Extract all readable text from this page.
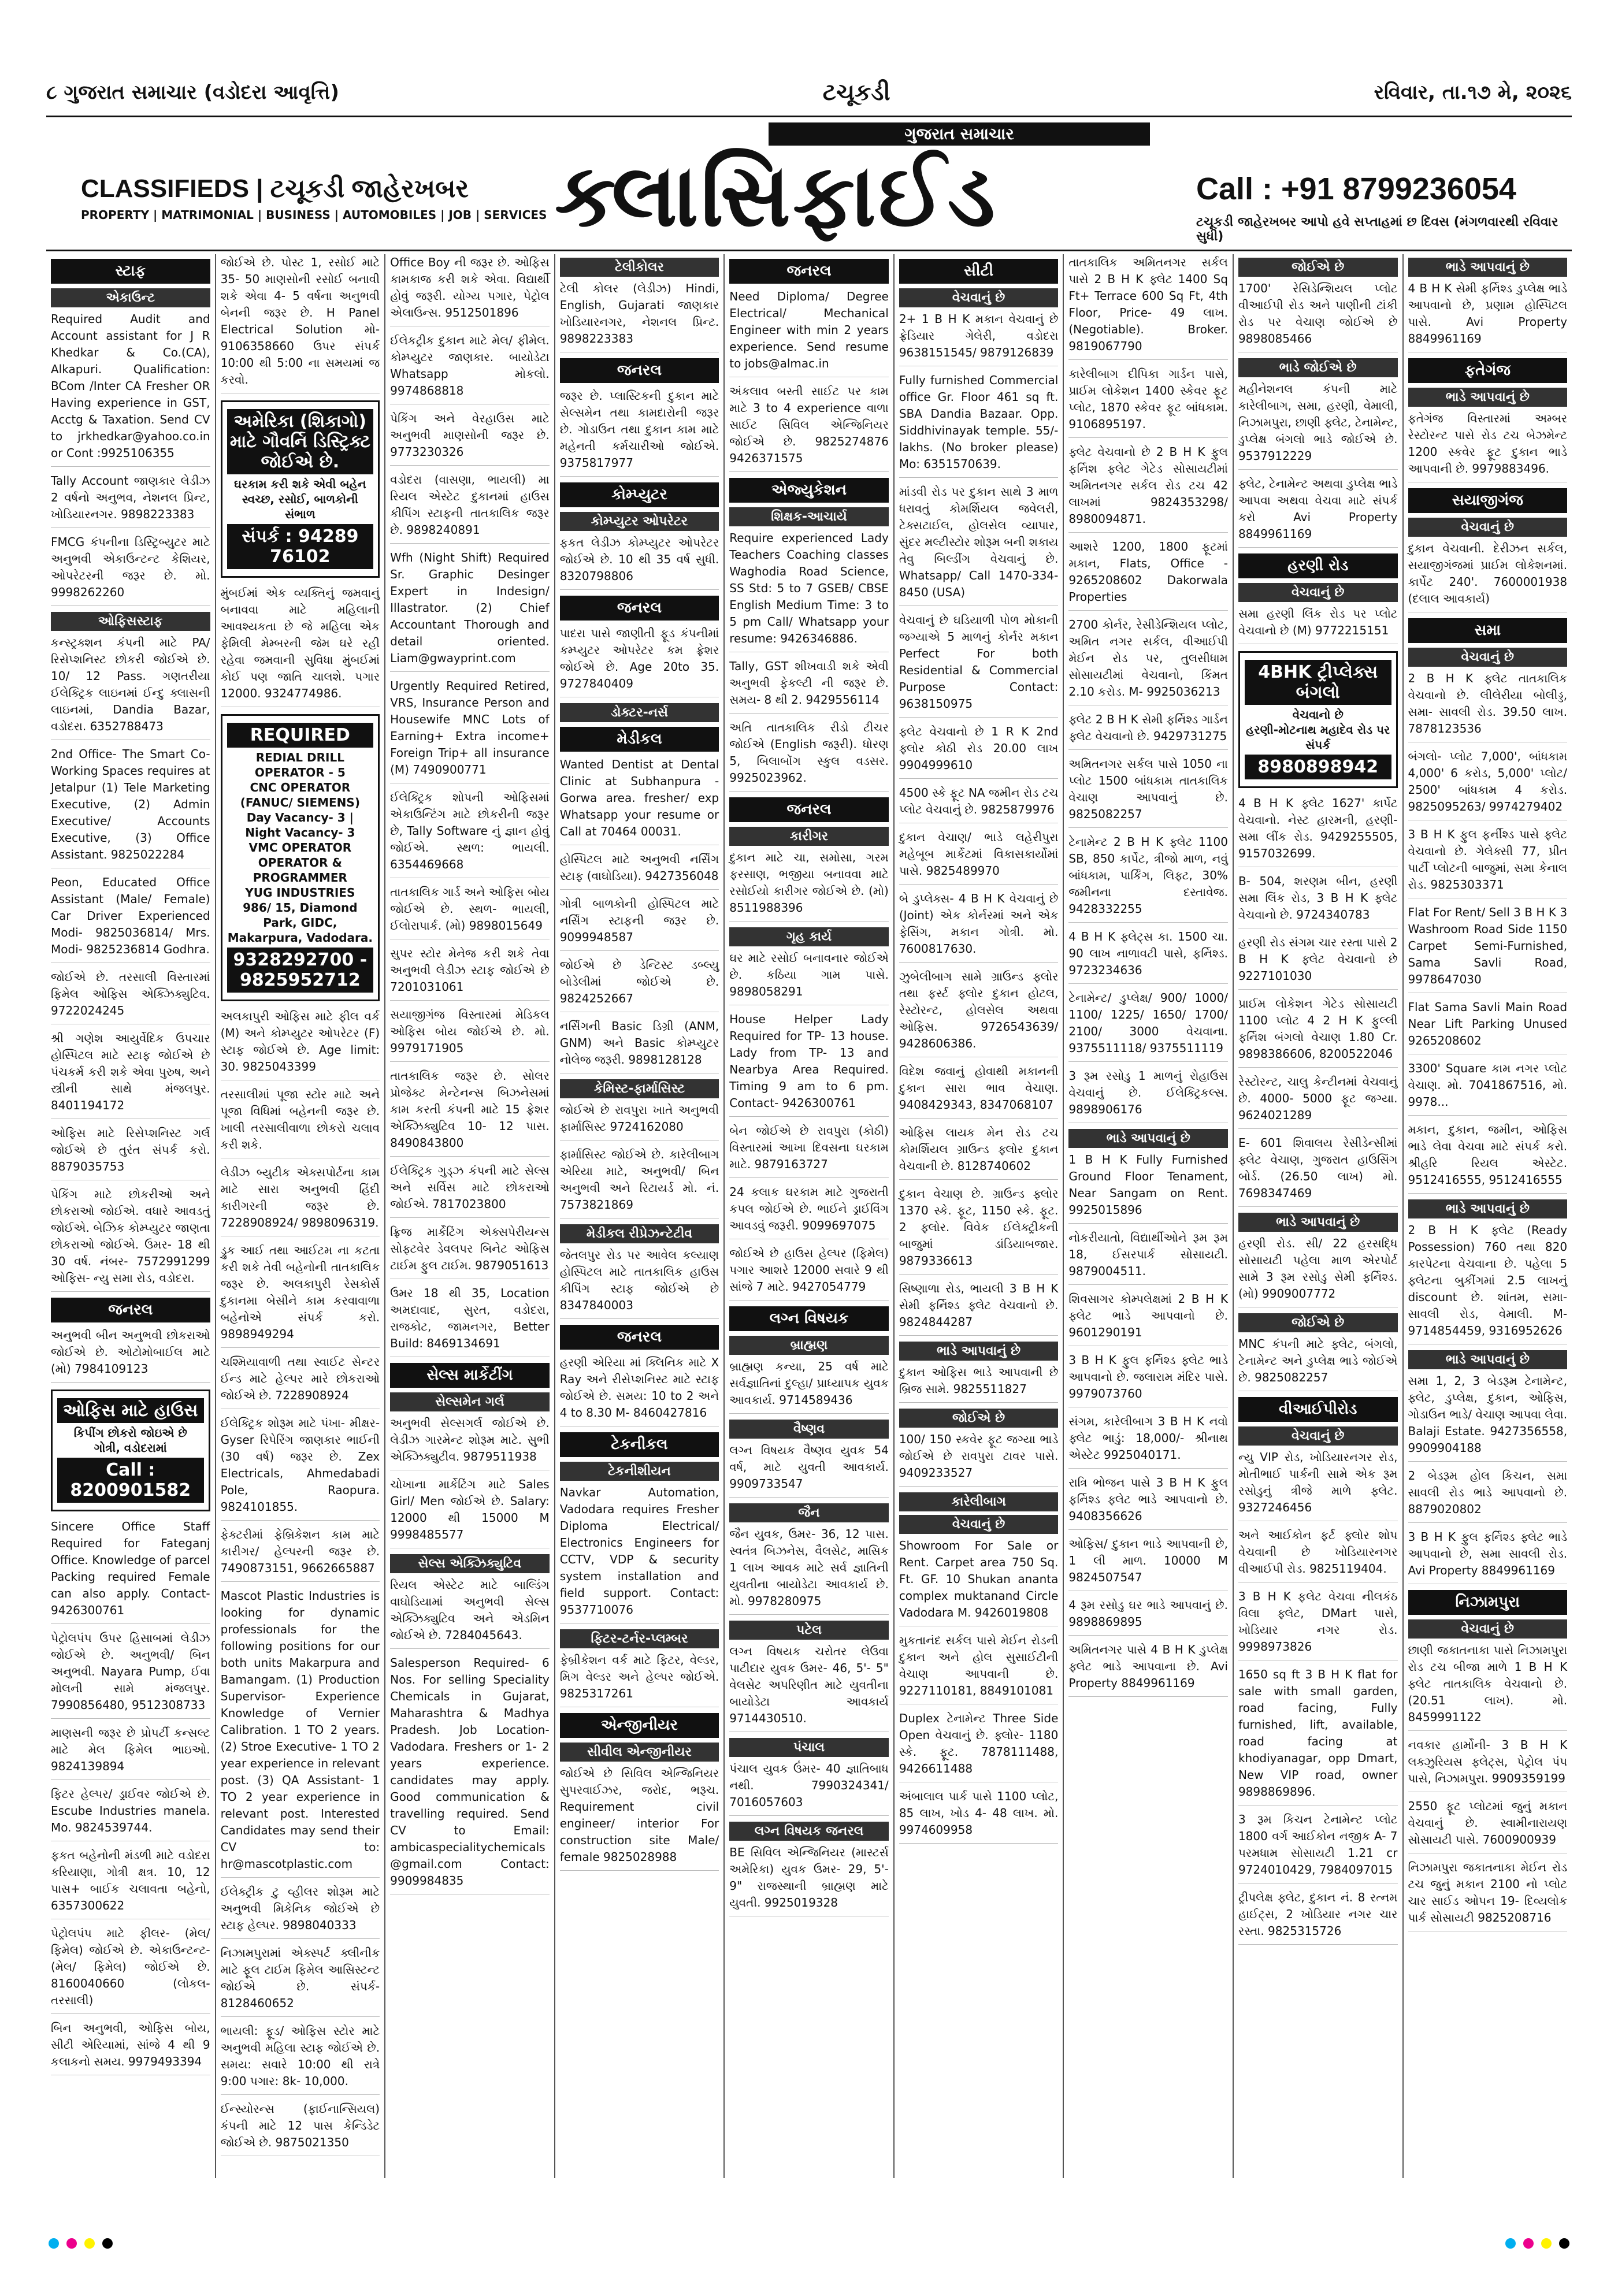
૮ ગુજરાત સમાચાર (વડોદરા આવૃત્તિ)	ટચૂકડી	રવિવાર, તા.૧૭ મે, ૨૦૨૬
ગુજરાત સમાચાર
CLASSIFIEDS | ટચૂકડી જાહેરખબર
PROPERTY | MATRIMONIAL | BUSINESS | AUTOMOBILES | JOB | SERVICES ક્લાસિફાઈડ	Call : +91 8799236054
ટચૂકડી જાહેરખબર આપો હવે સપ્તાહમાં છ દિવસ (મંગળવારથી રવિવાર સુધી)
સ્ટાફ
એકાઉન્ટ

Required Audit and Account assistant for J R Khedkar & Co.(CA), Alkapuri. Qualification: BCom /Inter CA Fresher OR Having experience in GST, Acctg & Taxation. Send CV to jrkhedkar@yahoo.co.in or Cont :9925106355

Tally Account જાણકાર લેડીઝ 2 વર્ષનો અનુભવ, નેશનલ પ્રિન્ટ, ખોડિયારનગર. 9898223383

FMCG કંપનીના ડિસ્ટ્રિબ્યુટર માટે અનુભવી એકાઉન્ટન્ટ કેશિયર, ઓપરેટરની જરૂર છે. મો. 9998262260

ઓફિસસ્ટાફ

કન્સ્ટ્રક્શન કંપની માટે PA/ રિસેપ્શનિસ્ટ છોકરી જોઈએ છે. 10/ 12 Pass. ગણતરીયા ઈલેક્ટ્રિક લાઇનમાં ઈન્દુ ક્લાસની લાઇનમાં, Dandia Bazar, વડોદરા. 6352788473

2nd Office- The Smart Co-Working Spaces requires at Jetalpur (1) Tele Marketing Executive, (2) Admin Executive/ Accounts Executive, (3) Office Assistant. 9825022284

Peon, Educated Office Assistant (Male/ Female) Car Driver Experienced Modi- 9825036814/ Mrs. Modi- 9825236814 Godhra.

જોઈએ છે. તરસાલી વિસ્તારમાં ફિમેલ ઓફિસ એક્ઝિક્યુટિવ. 9722024245

શ્રી ગણેશ આયુર્વેદિક ઉપચાર હોસ્પિટલ માટે સ્ટાફ જોઈએ છે પંચકર્મ કરી શકે એવા પુરુષ, અને સ્ત્રીની સાથે મંજલપુર. 8401194172

ઓફિસ માટે રિસેપ્શનિસ્ટ ગર્લ જોઈએ છે તુરંત સંપર્ક કરો. 8879035753

પેકિંગ માટે છોકરીઓ અને છોકરાઓ જોઈએ. વધારે આવડતું જોઈએ. બેઝિક કોમ્પ્યુટર જાણતા છોકરાઓ જોઈએ. ઉમર- 18 થી 30 વર્ષ. નંબર- 7572991299 ઓફિસ- ન્યુ સમા રોડ, વડોદરા.

જનરલ

અનુભવી બીન અનુભવી છોકરાઓ જોઈએ છે. ઓટોમોબાઈલ માટે (મો) 7984109123

ઓફિસ માટે હાઉસ
કિપીંગ છોકરો જોઇએ છે
ગોત્રી, વડોદરામાં
Call : 8200901582

Sincere Office Staff Required for Fateganj Office. Knowledge of parcel Packing required Female can also apply. Contact- 9426300761

પેટ્રોલપંપ ઉપર હિસાબમાં લેડીઝ જોઈએ છે. અનુભવી/ બિન અનુભવી. Nayara Pump, ઈવા મોલની સામે મંજલપુર. 7990856480, 9512308733

માણસની જરૂર છે પ્રોપર્ટી કન્સલ્ટ માટે મેલ ફિમેલ ભાઇઓ. 9824139894

ફિટર હેલ્પર/ ડ્રાઈવર જોઈએ છે. Escube Industries manela. Mo. 9824539744.

ફકત બહેનોની મંડળી માટે વડોદરા કરિયાણા, ગોત્રી ક્ષત્ર. 10, 12 પાસ+ બાઈક ચલાવતા બહેનો, 6357300622

પેટ્રોલપંપ માટે ફીલર- (મેલ/ ફિમેલ) જોઈએ છે. એકાઉન્ટન્ટ- (મેલ/ ફિમેલ) જોઈએ છે. 8160040660 (લોકલ- તરસાલી)

બિન અનુભવી, ઓફિસ બોય, સીટી એરિયામાં, સાંજે 4 થી 9 કલાકનો સમય. 9979493394

જોઈએ છે. પોસ્ટ 1, રસોઈ માટે 35- 50 માણસોની રસોઈ બનાવી શકે એવા 4- 5 વર્ષના અનુભવી બેનની જરૂર છે. H Panel Electrical Solution મો- 9106358660 ઉપર સંપર્ક 10:00 થી 5:00 ના સમયમાં જ કરવો.

અમેરિકા (શિકાગો) માટે ગૌવર્નિ ડિસ્ટ્રિક્ટ જોઈએ છે.
ઘરકામ કરી શકે એવી બહેન
સ્વચ્છ, રસોઈ, બાળકોની સંભાળ
સંપર્ક : 94289 76102

મુંબઈમાં એક વ્યક્તિનું જમવાનું બનાવવા માટે મહિલાની આવશ્યકતા છે જે મહિલા એક ફેમિલી મેમ્બરની જેમ ઘરે રહી રહેવા જમવાની સુવિધા મુંબઈમાં કોઈ પણ જાતિ ચાલશે. પગાર 12000. 9324774986.

REQUIRED
REDIAL DRILL OPERATOR - 5
CNC OPERATOR (FANUC/ SIEMENS)
Day Vacancy- 3 | Night Vacancy- 3
VMC OPERATOR
OPERATOR & PROGRAMMER
YUG INDUSTRIES
986/ 15, Diamond Park, GIDC, Makarpura, Vadodara.
9328292700 - 9825952712

અલકાપુરી ઓફિસ માટે ફીલ વર્ક (M) અને કોમ્પ્યુટર ઓપરેટર (F) સ્ટાફ જોઈએ છે. Age limit: 30. 9825043399

તરસાલીમાં પૂજા સ્ટોર માટે અને પૂજા વિધિમાં બહેનની જરૂર છે. ખાલી તરસાલીવાળા છોકરો ચલાવ કરી શકે.

લેડીઝ બ્યુટીક એક્સપોર્ટના કામ માટે સારા અનુભવી હિંદી કારીગરની જરૂર છે. 7228908924/ 9898096319.

ડ્રુક આઈ તથા આઈટમ ના કટતા કરી શકે તેવી બહેનોની તાતકાલિક જરૂર છે. અલકાપુરી રેસકોર્સ દુકાનમા બેસીને કામ કરવાવાળા બહેનોએ સંપર્ક કરો. 9898949294

ચશ્મિયાવાળી તથા સ્વાઈટ સેન્ટર ઈન્ડ માટે હેલ્પર મારે છોકરાઓ જોઈએ છે. 7228908924

ઈલેક્ટ્રિક શોરૂમ માટે પંખા- મીક્ષર- Gyser રિપેરિંગ જાણકાર ભાઈની (30 વર્ષ) જરૂર છે. Zex Electricals, Ahmedabadi Pole, Raopura. 9824101855.

ફેક્ટરીમાં ફેબ્રિકેશન કામ માટે કારીગર/ હેલ્પરની જરૂર છે. 7490873151, 9662665887

Mascot Plastic Industries is looking for dynamic professionals for the following positions for our both units Makarpura and Bamangam. (1) Production Supervisor- Experience Knowledge of Vernier Calibration. 1 TO 2 years. (2) Stroe Executive- 1 TO 2 year experience in relevant post. (3) QA Assistant- 1 TO 2 year experience in relevant post. Interested Candidates may send their CV to: hr@mascotplastic.com

ઈલેક્ટ્રીક ટુ વ્હીલર શોરૂમ માટે અનુભવી મિકેનિક જોઈએ છે સ્ટાફ હેલ્પર. 9898040333

નિઝામપુરામાં એક્સ્પર્ટ ક્લીનીક માટે ફૂલ ટાઈમ ફિમેલ આસિસ્ટન્ટ જોઈએ છે. સંપર્ક- 8128460652

ભાયલી: ફૂડ/ ઓફિસ સ્ટોર માટે અનુભવી મહિલા સ્ટાફ જોઈએ છે. સમય: સવારે 10:00 થી રાત્રે 9:00 પગાર: 8k- 10,000.

ઈન્સ્યોરન્સ (ફાઈનાન્સિયલ) કંપની માટે 12 પાસ કેન્ડિડેટ જોઈએ છે. 9875021350

Office Boy ની જરૂર છે. ઓફિસ કામકાજ કરી શકે એવા. વિદ્યાર્થી હોવું જરૂરી. યોગ્ય પગાર, પેટ્રોલ એલાઉન્સ. 9512501896

ઈલેકટ્રીક દુકાન માટે મેલ/ ફીમેલ. કોમ્પ્યુટર જાણકાર. બાયોડેટા Whatsapp મોકલો. 9974868818

પેકિંગ અને વેરહાઉસ માટે અનુભવી માણસોની જરૂર છે. 9773230326

વડોદરા (વાસણા, ભાયલી) મા રિયલ એસ્ટેટ દુકાનમાં હાઉસ કીપિંગ સ્ટાફની તાતકાલિક જરૂર છે. 9898240891

Wfh (Night Shift) Required Sr. Graphic Desinger Expert in Indesign/ Illastrator. (2) Chief Accountant Thorough and detail oriented. Liam@gwayprint.com

Urgently Required Retired, VRS, Insurance Person and Housewife MNC Lots of Earning+ Extra income+ Foreign Trip+ all insurance (M) 7490900771

ઈલેક્ટ્રિક શોપની ઓફિસમાં એકાઉન્ટિંગ માટે છોકરીની જરૂર છે, Tally Software નું જ્ઞાન હોવું જોઈએ. સ્થળ: ભાયલી. 6354469668

તાતકાલિક ગાર્ડ અને ઓફિસ બોય જોઈએ છે. સ્થળ- ભાયલી, ઈલોરાપાર્ક. (મો) 9898015649

સુપર સ્ટોર મેનેજ કરી શકે તેવા અનુભવી લેડીઝ સ્ટાફ જોઈએ છે 7201031061

સયાજીગંજ વિસ્તારમાં મેડિકલ ઓફિસ બોય જોઈએ છે. મો. 9979171905

તાતકાલિક જરૂર છે. સોલર પ્રોજેક્ટ મેન્ટેનન્સ બિઝનેસમાં કામ કરતી કંપની માટે 15 ફ્રેશર એક્ઝિક્યુટિવ 10- 12 પાસ. 8490843800

ઈલેક્ટ્રિક ગુડ્ઝ કંપની માટે સેલ્સ અને સર્વિસ માટે છોકરાઓ જોઈએ. 7817023800

ફ્રિજ માર્કેટિંગ એક્સપેરીયન્સ સોફ્ટવેર ડેવલપર બિનેટ ઓફિસ ટાઈમ ફુલ ટાઈમ. 9879051613

ઉમર 18 થી 35, Location અમદાવાદ, સુરત, વડોદરા, રાજકોટ, જામનગર, Better Build: 8469134691

સેલ્સ માર્કેટીંગ
સેલ્સમેન ગર્લ

અનુભવી સેલ્સગર્લ જોઈએ છે. લેડીઝ ગારમેન્ટ શોરૂમ માટે. સુભી એક્ઝિક્યુટીવ. 9879511938

ચોખાના માર્કેટિંગ માટે Sales Girl/ Men જોઈએ છે. Salary: 12000 થી 15000 M 9998485577

સેલ્સ એક્ઝિક્યુટિવ

રિયલ એસ્ટેટ માટે બાલ્ડિંગ વાઘોડિયામાં અનુભવી સેલ્સ એક્ઝિક્યુટિવ અને એડમિન જોઈએ છે. 7284045643.

Salesperson Required- 6 Nos. For selling Speciality Chemicals in Gujarat, Maharashtra & Madhya Pradesh. Job Location- Vadodara. Freshers or 1- 2 years experience. candidates may apply. Good communication & travelling required. Send CV to Email: ambicaspecialitychemicals @gmail.com Contact: 9909984835

ટેલીકોલર

ટેલી કોલર (લેડીઝ) Hindi, English, Gujarati જાણકાર ખોડિયારનગર, નેશનલ પ્રિન્ટ. 9898223383

જનરલ

જરૂર છે. પ્લાસ્ટિકની દુકાન માટે સેલ્સમેન તથા કામદારોની જરૂર છે. ગોડાઉન તથા દુકાન કામ માટે મહેનતી કર્મચારીઓ જોઈએ. 9375817977

કોમ્પ્યુટર
કોમ્પ્યુટર ઓપરેટર

ફકત લેડીઝ કોમ્પ્યુટર ઓપરેટર જોઈએ છે. 10 થી 35 વર્ષ સુધી. 8320798806

જનરલ

પાદરા પાસે જાણીતી ફૂડ કંપનીમાં કમ્પ્યુટર ઓપરેટર કમ ફ્રેશર જોઈએ છે. Age 20to 35. 9727840409

ડોક્ટર-નર્સ
મેડીકલ

Wanted Dentist at Dental Clinic at Subhanpura - Gorwa area. fresher/ exp Whatsapp your resume or Call at 70464 00031.

હોસ્પિટલ માટે અનુભવી નર્સિંગ સ્ટાફ (વાઘોડિયા). 9427356048

ગોત્રી બાળકોની હોસ્પિટલ માટે નર્સિંગ સ્ટાફની જરૂર છે. 9099948587

જોઈએ છે ડેન્ટિસ્ટ ડબ્લ્યુ બોડેલીમાં જોઈએ છે. 9824252667

નર્સિંગની Basic ડિગ્રી (ANM, GNM) અને Basic કોમ્પ્યુટર નોલેજ જરૂરી. 9898128128

કેમિસ્ટ-ફાર્માસિસ્ટ

જોઈએ છે રાવપુરા ખાતે અનુભવી ફાર્માસિસ્ટ 9724162080

ફાર્માસિસ્ટ જોઈએ છે. કારેલીબાગ એરિયા માટે, અનુભવી/ બિન અનુભવી અને રિટાયર્ડ મો. નં. 7573821869

મેડીકલ રીપ્રેઝન્ટેટીવ

જેતલપુર રોડ પર આવેલ કલ્યાણ હોસ્પિટલ માટે તાતકાલિક હાઉસ કીપિંગ સ્ટાફ જોઈએ છે 8347840003

જનરલ

હરણી એરિયા માં ક્લિનિક માટે X Ray અને રીસેપ્શનિસ્ટ માટે સ્ટાફ જોઈએ છે. સમય: 10 to 2 અને 4 to 8.30 M- 8460427816

ટેકનીકલ
ટેકનીશીયન

Navkar Automation, Vadodara requires Fresher Diploma Electrical/ Electronics Engineers for CCTV, VDP & security system installation and field support. Contact: 9537710076

ફિટર-ટર્નર-પ્લમ્બર

ફેબ્રીકેશન વર્ક માટે ફિટર, વેલ્ડર, મિગ વેલ્ડર અને હેલ્પર જોઈએ. 9825317261

એન્જીનીયર
સીવીલ એન્જીનીયર

જોઈએ છે સિવિલ એન્જિનિયર સુપરવાઈઝર, જરોદ, ભરૂચ. Requirement civil engineer/ interior For construction site Male/ female 9825028988

જનરલ

Need Diploma/ Degree Electrical/ Mechanical Engineer with min 2 years experience. Send resume to jobs@almac.in

અંકલાવ બસ્તી સાઈટ પર કામ માટે 3 to 4 experience વાળા સાઈટ સિવિલ એન્જિનિયર જોઈએ છે. 9825274876 9426371575

એજ્યુકેશન
શિક્ષક-આચાર્ય

Require experienced Lady Teachers Coaching classes Waghodia Road Science, SS Std: 5 to 7 GSEB/ CBSE English Medium Time: 3 to 5 pm Call/ Whatsapp your resume: 9426346886.

Tally, GST શીખવાડી શકે એવી અનુભવી ફેકલ્ટી ની જરૂર છે. સમય- 8 થી 2. 9429556114

અતિ તાતકાલિક રીડો ટીચર જોઈએ (English જરૂરી). ધોરણ 5, બિલાબોંગ સ્કુલ વડસર. 9925023962.

જનરલ
કારીગર

દુકાન માટે ચા, સમોસા, ગરમ ફરસાણ, ભજીયા બનાવવા માટે રસોઈયો કારીગર જોઈએ છે. (મો) 8511988396

ગૃહ કાર્ય

ઘર માટે રસોઈ બનાવનાર જોઈએ છે. કઠિયા ગામ પાસે. 9898058291

House Helper Lady Required for TP- 13 house. Lady from TP- 13 and Nearbya Area Required. Timing 9 am to 6 pm. Contact- 9426300761

બેન જોઈએ છે રાવપુરા (કોઠી) વિસ્તારમાં આખા દિવસના ઘરકામ માટે. 9879163727

24 કલાક ઘરકામ માટે ગુજરાતી કપલ જોઈએ છે. ભાઈને ડ્રાઈવિંગ આવડવું જરૂરી. 9099697075

જોઈએ છે હાઉસ હેલ્પર (ફિમેલ) પગાર આશરે 12000 સવારે 9 થી સાંજે 7 માટે. 9427054779

લગ્ન વિષયક
બ્રાહ્મણ

બ્રાહ્મણ કન્યા, 25 વર્ષ માટે સર્વજ્ઞાતિનાં દુલ્હા/ પ્રાધ્યાપક યુવક આવકાર્ય. 9714589436

વૈષ્ણવ

લગ્ન વિષયક વૈષ્ણવ યુવક 54 વર્ષ, માટે યુવતી આવકાર્ય. 9909733547

જૈન

જૈન યુવક, ઉમર- 36, 12 પાસ. સ્વતંત્ર બિઝનેસ, વૈલસેટ, માસિક 1 લાખ આવક માટે સર્વ જ્ઞાતિની યુવતીના બાયોડેટા આવકાર્ય છે. મો. 9978280975

પટેલ

લગ્ન વિષયક ચરોતર લેઉવા પાટીદાર યુવક ઉમર- 46, 5'- 5" વેલસેટ અપરિણીત માટે યુવતીના બાયોડેટા આવકાર્ય 9714430510.

પંચાલ

પંચાલ યુવક ઉંમર- 40 જ્ઞાતિબાધ નથી. 7990324341/ 7016057603

લગ્ન વિષયક જનરલ

BE સિવિલ એન્જિનિયર (માસ્ટર્સ અમેરિકા) યુવક ઉમર- 29, 5'- 9" રાજસ્થાની બ્રાહ્મણ માટે યુવતી. 9925019328

સીટી
વેચવાનું છે

2+ 1 B H K મકાન વેચવાનું છે ફ્રેડિયાર ગેલેરી, વડોદરા 9638151545/ 9879126839

Fully furnished Commercial office Gr. Floor 461 sq ft. SBA Dandia Bazaar. Opp. Siddhivinayak temple. 55/- lakhs. (No broker please) Mo: 6351570639.

માંડવી રોડ પર દુકાન સાથે 3 માળ ધરાવતું કોમર્શિયલ જવેલરી, ટેક્સટાઈલ, હોલસેલ વ્યાપાર, સુંદર મલ્ટીસ્ટોર શોરૂમ બની શકાય તેવુ બિલ્ડીંગ વેચવાનું છે. Whatsapp/ Call 1470-334-8450 (USA)

વેચવાનું છે ઘડિયાળી પોળ મોકાની જગ્યાએ 5 માળનું કોર્નર મકાન Perfect For both Residential & Commercial Purpose Contact: 9638150975

ફ્લેટ વેચવાનો છે 1 R K 2nd ફ્લોર કોઠી રોડ 20.00 લાખ 9904999610

4500 સ્કે ફૂટ NA જમીન રોડ ટચ પ્લોટ વેચવાનું છે. 9825879976

દુકાન વેચાણ/ ભાડે લહેરીપુરા મહેબૂબ માર્કેટમાં વિકાસકાર્યોમાં પાસે. 9825489970

બે ડુપ્લેક્સ- 4 B H K વેચવાનું છે (Joint) એક કોર્નરમાં અને એક ફેસિંગ, મકાન ગોત્રી. મો. 7600817630.

ઝુબેલીબાગ સામે ગ્રાઉન્ડ ફ્લોર તથા ફર્સ્ટ ફ્લોર દુકાન હોટલ, રેસ્ટોરન્ટ, હોલસેલ અથવા ઓફિસ. 9726543639/ 9428606386.

વિદેશ જવાનું હોવાથી મકાનની દુકાન સારા ભાવ વેચાણ. 9408429343, 8347068107

ઓફિસ લાયક મેન રોડ ટચ કોમર્શિયલ ગ્રાઉન્ડ ફ્લોર દુકાન વેચવાની છે. 8128740602

દુકાન વેચાણ છે. ગ્રાઉન્ડ ફ્લોર 1370 સ્કે. ફૂટ, 1150 સ્કે. ફૂટ. 2 ફ્લોર. વિવેક ઈલેક્ટ્રીકની બાજુમાં ડાંડિયાબજાર. 9879336613

સિષ્ણાળા રોડ, ભાયલી 3 B H K સેમી ફર્નિશ્ડ ફ્લેટ વેચવાનો છે. 9824844287

ભાડે આપવાનું છે

દુકાન ઓફિસ ભાડે આપવાની છે બ્રિજ સામે. 9825511827

જોઈએ છે

100/ 150 સ્કવેર ફૂટ જગ્યા ભાડે જોઈએ છે રાવપુરા ટાવર પાસે. 9409233527

કારેલીબાગ
વેચવાનું છે

Showroom For Sale or Rent. Carpet area 750 Sq. Ft. GF. 10 Shukan ananta complex muktanand Circle Vadodara M. 9426019808

મુકતાનંદ સર્કલ પાસે મેઈન રોડની દુકાન અને હોલ સુસાઈટીની વેચાણ આપવાની છે. 9227110181, 8849101081

Duplex ટેનામેન્ટ Three Side Open વેચવાનું છે. ફ્લોર- 1180 સ્કે. ફૂટ. 7878111488, 9426611488

અંબાલાલ પાર્ક પાસે 1100 પ્લોટ, 85 લાખ, ખોડ 4- 48 લાખ. મો. 9974609958

તાતકાલિક અમિતનગર સર્કલ પાસે 2 B H K ફ્લેટ 1400 Sq Ft+ Terrace 600 Sq Ft, 4th Floor, Price- 49 લાખ. (Negotiable). Broker. 9819067790

કારેલીબાગ દીપિકા ગાર્ડન પાસે, પ્રાઈમ લોકેશન 1400 સ્કેવર ફૂટ પ્લોટ, 1870 સ્કેવર ફૂટ બાંધકામ. 9106895197.

ફ્લેટ વેચવાનો છે 2 B H K ફુલ ફર્નિશ ફ્લેટ ગેટેડ સોસાયટીમાં અમિતનગર સર્કલ રોડ ટચ 42 લાખમાં 9824353298/ 8980094871.

આશરે 1200, 1800 ફૂટમાં મકાન, Flats, Office - 9265208602 Dakorwala Properties

2700 કોર્નર, રેસીડેન્શિયલ પ્લોટ, અમિત નગર સર્કલ, વીઆઈપી મેઈન રોડ પર, તુલસીધામ સોસાયટીમાં વેચવાનો, કિંમત 2.10 કરોડ. M- 9925036213

ફ્લેટ 2 B H K સેમી ફર્નિશ્ડ ગાર્ડન ફ્લેટ વેચવાનો છે. 9429731275

અમિતનગર સર્કલ પાસે 1050 ના પ્લોટ 1500 બાંધકામ તાતકાલિક વેચાણ આપવાનું છે. 9825082257

ટેનામેન્ટ 2 B H K ફ્લેટ 1100 SB, 850 કાર્પેટ, ત્રીજો માળ, નવું બાંધકામ, પાર્કિંગ, લિફ્ટ, 30% જમીનના દસ્તાવેજ. 9428332255

4 B H K ફ્લેટ્સ કા. 1500 ચા. 90 લાખ નાળાવટી પાસે, ફર્નિશ્ડ. 9723234636

ટેનામેન્ટ/ ડુપ્લેક્ષ/ 900/ 1000/ 1100/ 1225/ 1650/ 1700/ 2100/ 3000 વેચવાના. 9375511118/ 9375511119

3 રૂમ રસોડુ 1 માળનું રોહાઉસ વેચવાનું છે. ઈલેક્ટ્રિકલ્સ. 9898906176

ભાડે આપવાનું છે

1 B H K Fully Furnished Ground Floor Tenament, Near Sangam on Rent. 9925015896

નોકરીયાતો, વિદ્યાર્થીઓને રૂમ રૂમ 18, ઈસરપાર્ક સોસાયટી. 9879004511.

શિવસાગર કોમ્પલેક્ષમાં 2 B H K ફ્લેટ ભાડે આપવાનો છે. 9601290191

3 B H K ફુલ ફર્નિશ્ડ ફ્લેટ ભાડે આપવાનો છે. જલારામ મંદિર પાસે. 9979073760

સંગમ, કારેલીબાગ 3 B H K નવો ફ્લેટ ભાડું: 18,000/- શ્રીનાથ એસ્ટેટ 9925040171.

રાત્રિ ભોજન પાસે 3 B H K ફુલ ફર્નિશ્ડ ફ્લેટ ભાડે આપવાનો છે. 9408356626

ઓફિસ/ દુકાન ભાડે આપવાની છે, 1 લી માળ. 10000 M 9824507547

4 રૂમ રસોડુ ઘર ભાડે આપવાનું છે. 9898869895

અમિતનગર પાસે 4 B H K ડુપ્લેક્ષ ફ્લેટ ભાડે આપવાના છે. Avi Property 8849961169

જોઈએ છે

1700' રેસિડેન્શિયલ પ્લોટ વીઆઈપી રોડ અને પાણીની ટાંકી રોડ પર વેચાણ જોઈએ છે 9898085466

ભાડે જોઈએ છે

મહીનેશનલ કંપની માટે કારેલીબાગ, સમા, હરણી, વેમાલી, નિઝામપુરા, છાણી ફ્લેટ, ટેનામેન્ટ, ડુપ્લેક્ષ બંગલો ભાડે જોઈએ છે. 9537912229

ફ્લેટ, ટેનામેન્ટ અથવા ડુપ્લેક્ષ ભાડે આપવા અથવા વેચવા માટે સંપર્ક કરો Avi Property 8849961169

હરણી રોડ
વેચવાનું છે

સમા હરણી લિંક રોડ પર પ્લોટ વેચવાનો છે (M) 9772215151

4BHK ટ્રીપ્લેક્સ બંગલો
વેચવાનો છે
હરણી-મોટનાથ મહાદેવ રોડ પર
સંપર્ક
8980898942

4 B H K ફ્લેટ 1627' કાર્પેટ વેચવાનો. નેસ્ટ હારમની, હરણી- સમા લીંક રોડ. 9429255505, 9157032699.

B- 504, શરણમ બીન, હરણી સમા લિંક રોડ, 3 B H K ફ્લેટ વેચવાનો છે. 9724340783

હરણી રોડ સંગમ ચાર રસ્તા પાસે 2 B H K ફ્લેટ વેચવાનો છે 9227101030

પ્રાઈમ લોકેશન ગેટેડ સોસાયટી 1100 પ્લોટ 4 2 H K ફુલ્લી ફર્નિશ બંગલો વેચાણ 1.80 Cr. 9898386606, 8200522046

રેસ્ટોરન્ટ, ચાલુ કેન્ટીનમાં વેચવાનું છે. 4000- 5000 ફૂટ જગ્યા. 9624021289

E- 601 શિવાલય રેસીડેન્સીમાં ફ્લેટ વેચાણ, ગુજરાત હાઉસિંગ બોર્ડ. (26.50 લાખ) મો. 7698347469

ભાડે આપવાનું છે

હરણી રોડ. સી/ 22 હરસદ્ધિ સોસાયટી પહેલા માળ એરપોર્ટ સામે 3 રૂમ રસોડુ સેમી ફર્નિશ્ડ. (મો) 9909007772

જોઈએ છે

MNC કંપની માટે ફ્લેટ, બંગલો, ટેનામેન્ટ અને ડુપ્લેક્ષ ભાડે જોઈએ છે. 9825082257

વીઆઈપીરોડ
વેચવાનું છે

ન્યુ VIP રોડ, ખોડિયારનગર રોડ, મોતીભાઈ પાર્કની સામે એક રૂમ રસોડુનું ત્રીજે માળે ફ્લેટ. 9327246456

અને આઈકોન ફર્ટ ફ્લોર શોપ વેચવાની છે ખોડિયારનગર વીઆઈપી રોડ. 9825119404.

3 B H K ફલેટ વેચવા નીલકંઠ વિલા ફ્લેટ, DMart પાસે, ખોડિયાર નગર રોડ. 9998973826

1650 sq ft 3 B H K flat for sale with small garden, road facing, Fully furnished, lift, available, road facing at khodiyanagar, opp Dmart, New VIP road, owner 9898869896.

3 રૂમ કિચન ટેનામેન્ટ પ્લોટ 1800 વર્ગ આઈકોન નજીક A- 7 પરમધામ સોસાયટી 1.21 cr 9724010429, 7984097015

ટ્રીપલેક્ષ ફ્લેટ, દુકાન નં. 8 રત્નમ હાઈટ્સ, 2 ખોડિયાર નગર ચાર રસ્તા. 9825315726

ભાડે આપવાનું છે

4 B H K સેમી ફર્નિશ્ડ ડુપ્લેક્ષ ભાડે આપવાનો છે, પ્રણામ હોસ્પિટલ પાસે. Avi Property 8849961169

ફતેગંજ
ભાડે આપવાનું છે

ફતેગંજ વિસ્તારમાં અમ્બર રેસ્ટોરન્ટ પાસે રોડ ટચ બેઝમેન્ટ 1200 સ્કવેર ફૂટ દુકાન ભાડે આપવાની છે. 9979883496.

સયાજીગંજ
વેચવાનું છે

દુકાન વેચવાની. દેરીઝન સર્કલ, સયાજીગંજમાં પ્રાઈમ લોકેશનમાં. કાર્પેટ 240'. 7600001938 (દલાલ આવકાર્ય)

સમા
વેચવાનું છે

2 B H K ફ્લેટ તાતકાલિક વેચવાનો છે. લીલેરીયા બોલીડ્ડ, સમા- સાવલી રોડ. 39.50 લાખ. 7878123536

બંગલો- પ્લોટ 7,000', બાંધકામ 4,000' 6 કરોડ, 5,000' પ્લોટ/ 2500' બાંધકામ 4 કરોડ. 9825095263/ 9974279402

3 B H K ફુલ ફર્નીશ્ડ પાસે ફ્લેટ વેચવાનો છે. ગેલેક્સી 77, પ્રીત પાર્ટી પ્લોટની બાજુમાં, સમા કેનાલ રોડ. 9825303371

Flat For Rent/ Sell 3 B H K 3 Washroom Road Side 1150 Carpet Semi-Furnished, Sama Savli Road, 9978647030

Flat Sama Savli Main Road Near Lift Parking Unused 9265208602

3300' Square કામ નગર પ્લોટ વેચાણ. મો. 7041867516, મો. 9978...

મકાન, દુકાન, જમીન, ઓફિસ ભાડે લેવા વેચવા માટે સંપર્ક કરો. શ્રીહરિ રિયલ એસ્ટેટ. 9512416555, 9512416555

ભાડે આપવાનું છે

2 B H K ફ્લેટ (Ready Possession) 760 તથા 820 કારપેટના વેચવાના છે. પહેલા 5 ફ્લેટના બુકીંગમાં 2.5 લાખનું discount છે. શાંતમ, સમા- સાવલી રોડ, વેમાલી. M- 9714854459, 9316952626

ભાડે આપવાનું છે

સમા 1, 2, 3 બેડરૂમ ટેનામેન્ટ, ફ્લેટ, ડુપ્લેક્ષ, દુકાન, ઓફિસ, ગોડાઉન ભાડે/ વેચાણ આપવા લેવા. Balaji Estate. 9427356558, 9909904188

2 બેડરૂમ હોલ કિચન, સમા સાવલી રોડ ભાડે આપવાનો છે. 8879020802

3 B H K ફુલ ફર્નિશ્ડ ફ્લેટ ભાડે આપવાનો છે, સમા સાવલી રોડ. Avi Property 8849961169

નિઝામપુરા
વેચવાનું છે

છાણી જકાતનાકા પાસે નિઝામપુરા રોડ ટચ બીજા માળે 1 B H K ફ્લેટ તાતકાલિક વેચવાનો છે. (20.51 લાખ). મો. 8459991122

નવકાર હાર્મોની- 3 B H K લક્ઝુરિયસ ફ્લેટ્સ, પેટ્રોલ પંપ પાસે, નિઝામપુરા. 9909359199

2550 ફૂટ પ્લોટમાં જુનું મકાન વેચવાનું છે. સ્વામીનારાયણ સોસાયટી પાસે. 7600900939

નિઝામપુરા જકાતનાકા મેઈન રોડ ટચ જુનું મકાન 2100 નો પ્લોટ ચાર સાઈડ ઓપન 19- દિવ્યલોક પાર્ક સોસાયટી 9825208716
